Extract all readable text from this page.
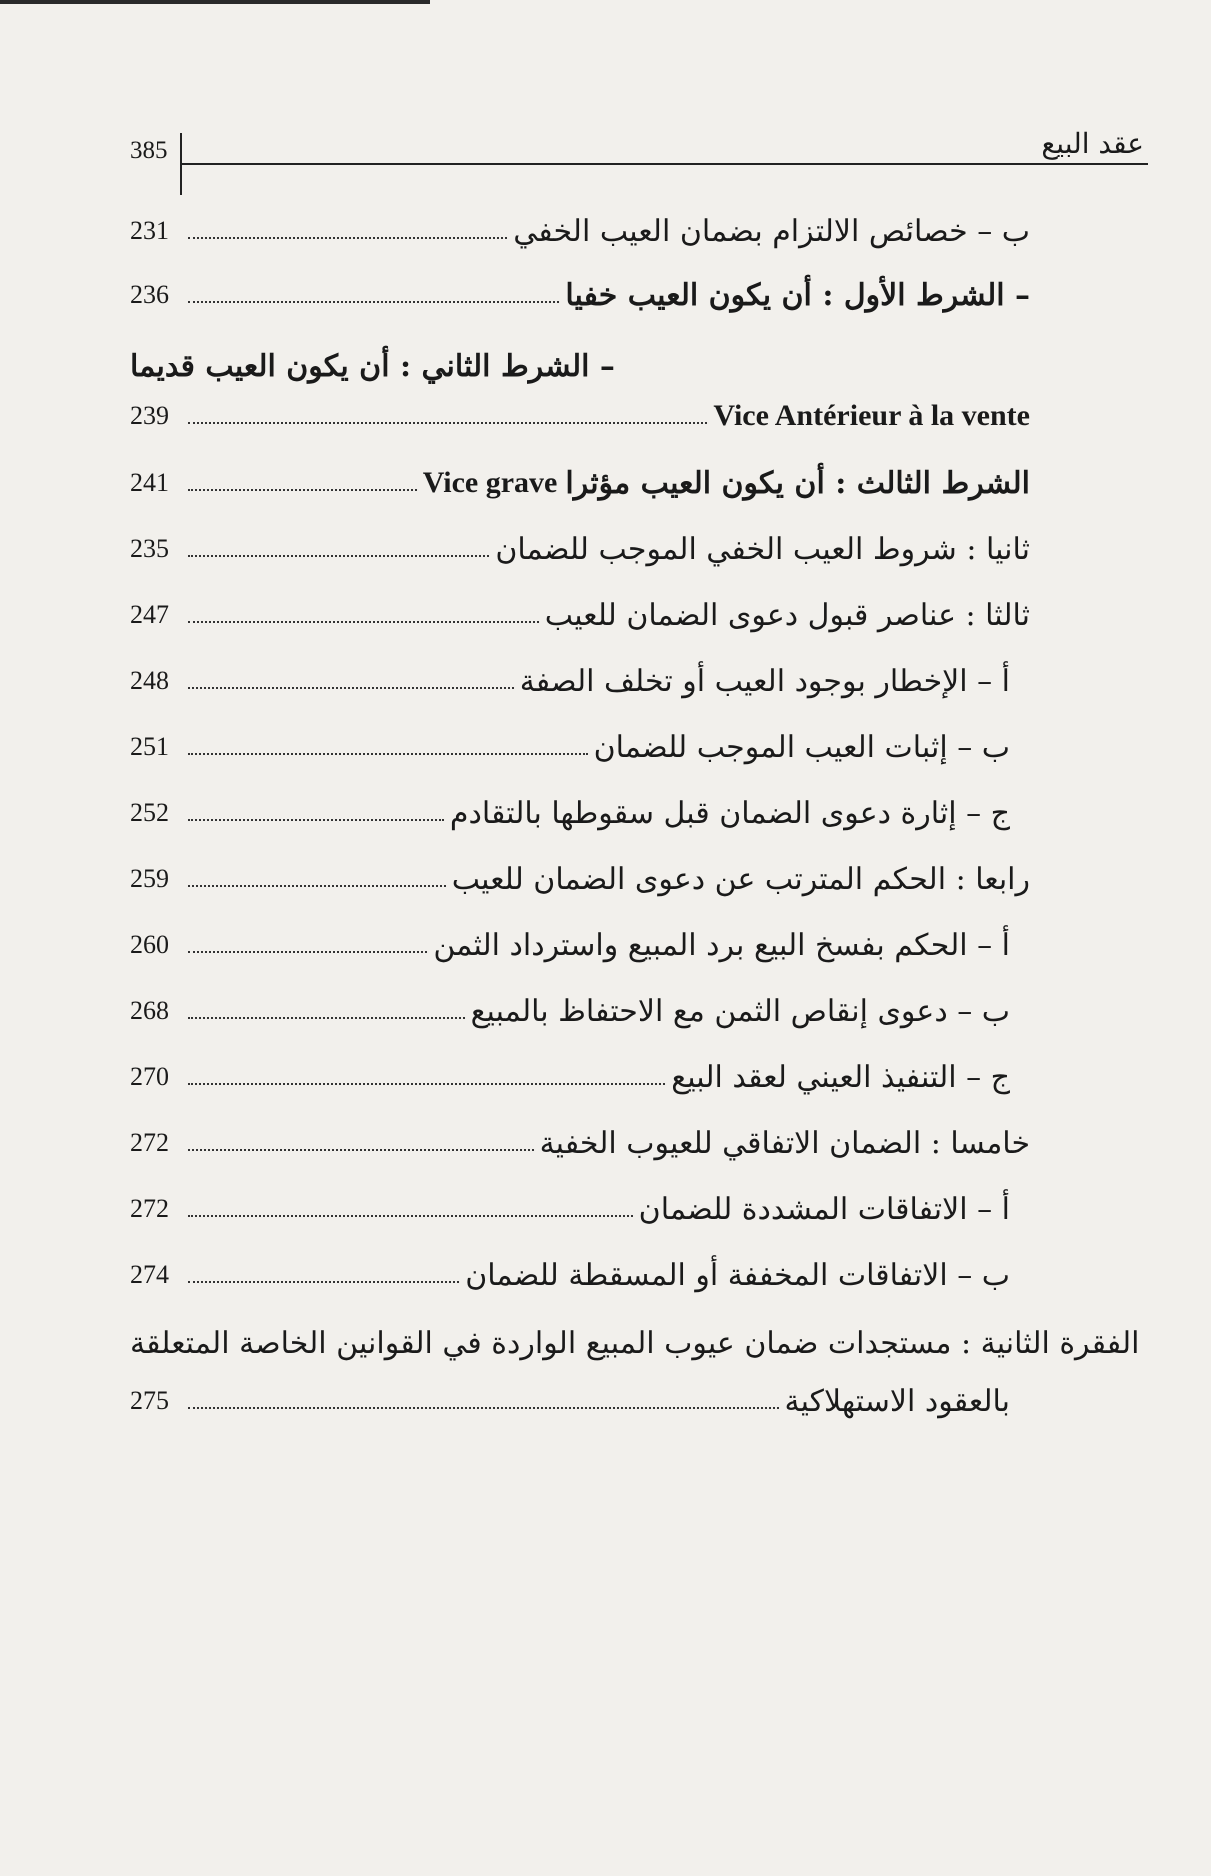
385	عقد البيع
231	ب – خصائص الالتزام بضمان العيب الخفي
236	– الشرط الأول : أن يكون العيب خفيا
– الشرط الثاني : أن يكون العيب قديما
239	Vice Antérieur à la vente
241	Vice grave الشرط الثالث : أن يكون العيب مؤثرا
235	ثانيا : شروط العيب الخفي الموجب للضمان
247	ثالثا : عناصر قبول دعوى الضمان للعيب
248	أ – الإخطار بوجود العيب أو تخلف الصفة
251	ب – إثبات العيب الموجب للضمان
252	ج – إثارة دعوى الضمان قبل سقوطها بالتقادم
259	رابعا : الحكم المترتب عن دعوى الضمان للعيب
260	أ – الحكم بفسخ البيع برد المبيع واسترداد الثمن
268	ب – دعوى إنقاص الثمن مع الاحتفاظ بالمبيع
270	ج – التنفيذ العيني لعقد البيع
272	خامسا : الضمان الاتفاقي للعيوب الخفية
272	أ – الاتفاقات المشددة للضمان
274	ب – الاتفاقات المخففة أو المسقطة للضمان
الفقرة الثانية : مستجدات ضمان عيوب المبيع الواردة في القوانين الخاصة المتعلقة
275	بالعقود الاستهلاكية
